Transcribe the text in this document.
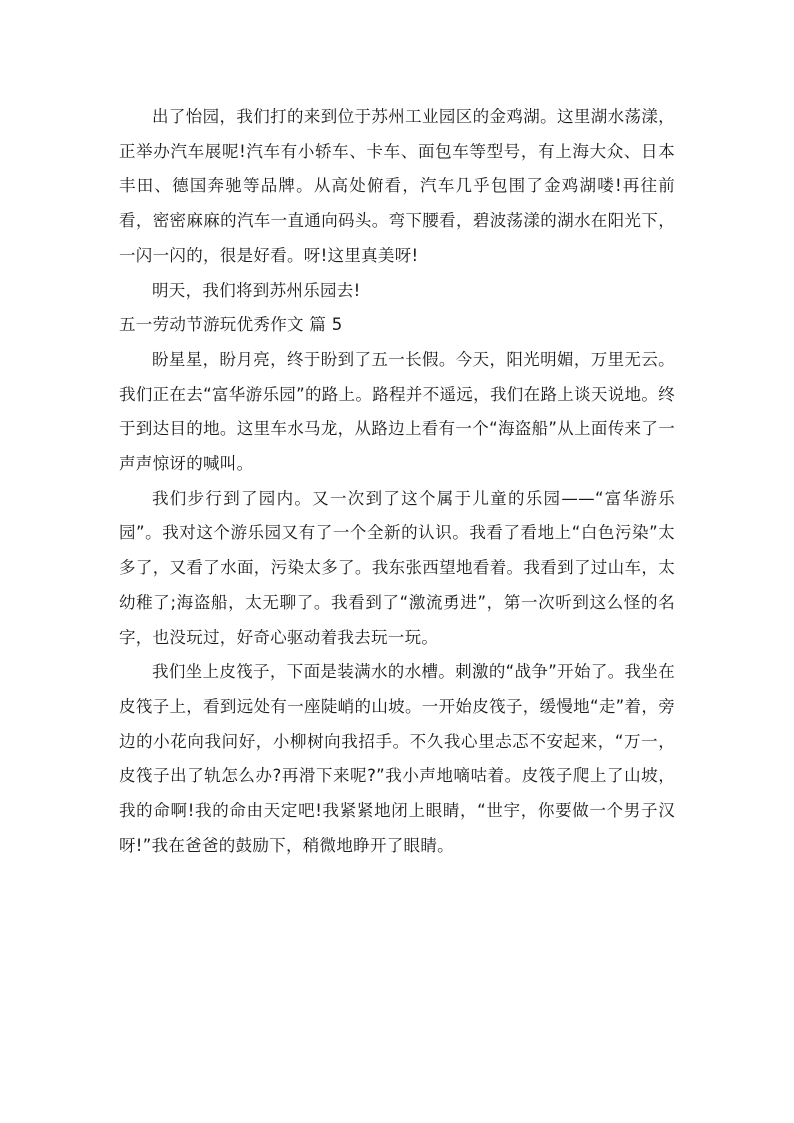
出了怡园，我们打的来到位于苏州工业园区的金鸡湖。这里湖水荡漾，正举办汽车展呢!汽车有小轿车、卡车、面包车等型号，有上海大众、日本丰田、德国奔驰等品牌。从高处俯看，汽车几乎包围了金鸡湖喽!再往前看，密密麻麻的汽车一直通向码头。弯下腰看，碧波荡漾的湖水在阳光下，一闪一闪的，很是好看。呀!这里真美呀!

明天，我们将到苏州乐园去!

五一劳动节游玩优秀作文 篇 5

盼星星，盼月亮，终于盼到了五一长假。今天，阳光明媚，万里无云。我们正在去“富华游乐园”的路上。路程并不遥远，我们在路上谈天说地。终于到达目的地。这里车水马龙，从路边上看有一个“海盗船”从上面传来了一声声惊讶的喊叫。

我们步行到了园内。又一次到了这个属于儿童的乐园——“富华游乐园”。我对这个游乐园又有了一个全新的认识。我看了看地上“白色污染”太多了，又看了水面，污染太多了。我东张西望地看着。我看到了过山车，太幼稚了;海盗船，太无聊了。我看到了“激流勇进”，第一次听到这么怪的名字，也没玩过，好奇心驱动着我去玩一玩。

我们坐上皮筏子，下面是装满水的水槽。刺激的“战争”开始了。我坐在皮筏子上，看到远处有一座陡峭的山坡。一开始皮筏子，缓慢地“走”着，旁边的小花向我问好，小柳树向我招手。不久我心里忐忑不安起来，“万一，皮筏子出了轨怎么办?再滑下来呢?”我小声地嘀咕着。皮筏子爬上了山坡，我的命啊!我的命由天定吧!我紧紧地闭上眼睛，“世宇，你要做一个男子汉呀!”我在爸爸的鼓励下，稍微地睁开了眼睛。
